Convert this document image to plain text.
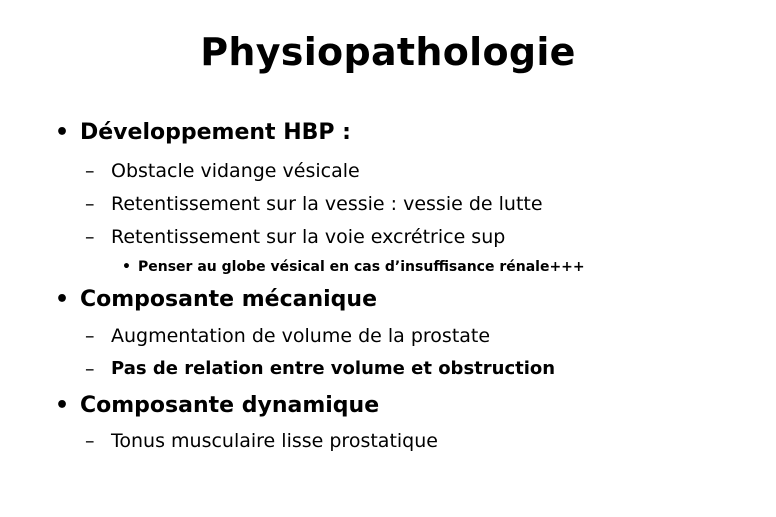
Physiopathologie
• Développement HBP :
– Obstacle vidange vésicale
– Retentissement sur la vessie : vessie de lutte
– Retentissement sur la voie excrétrice sup
• Penser au globe vésical en cas d’insuffisance rénale+++
• Composante mécanique
– Augmentation de volume de la prostate
– Pas de relation entre volume et obstruction
• Composante dynamique
– Tonus musculaire lisse prostatique
